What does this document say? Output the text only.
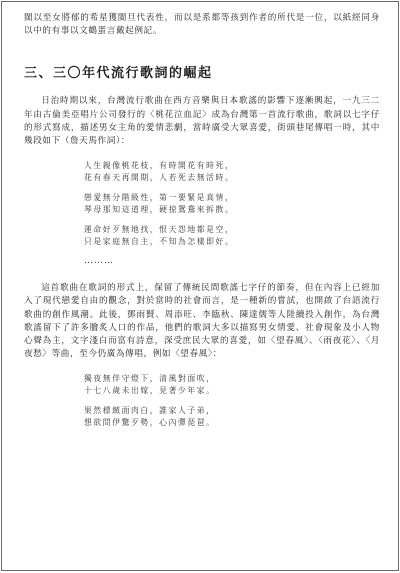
閩以至女將郁的希星獲閩旦代表性，而以是系都等孩到作者的所代是一位，以紙經同身以中的有事以文鶴蛋言戴起例記。

三、三〇年代流行歌詞的崛起

日治時期以來，台灣流行歌曲在西方音樂與日本歌謠的影響下逐漸興起，一九三二年由古倫美亞唱片公司發行的〈桃花泣血記〉成為台灣第一首流行歌曲，歌詞以七字仔的形式寫成，描述男女主角的愛情悲劇，當時廣受大眾喜愛，街頭巷尾傳唱一時，其中幾段如下（詹天馬作詞）：

人生親像桃花枝，有時開花有時死，
花有春天再開期，人若死去無活時。
戀愛無分階級性，第一要緊是真情，
琴母那知這道理，硬掠鴛鴦來拆散。
運命好歹無地找，恨天怨地都是空，
只是家庭無自主，不知為怎樣即好。
………

這首歌曲在歌詞的形式上，保留了傳統民間歌謠七字仔的節奏，但在內容上已經加入了現代戀愛自由的觀念，對於當時的社會而言，是一種新的嘗試，也開啟了台語流行歌曲的創作風潮。此後，鄧雨賢、周添旺、李臨秋、陳達儒等人陸續投入創作，為台灣歌謠留下了許多膾炙人口的作品，他們的歌詞大多以描寫男女情愛、社會現象及小人物心聲為主，文字淺白而富有詩意，深受庶民大眾的喜愛，如〈望春風〉、〈雨夜花〉、〈月夜愁〉等曲，至今仍廣為傳唱，例如〈望春風〉：

獨夜無伴守燈下，清風對面吹，
十七八歲未出嫁，見著少年家。
果然標緻面肉白，誰家人子弟，
想欲問伊驚歹勢，心內彈琵琶。
